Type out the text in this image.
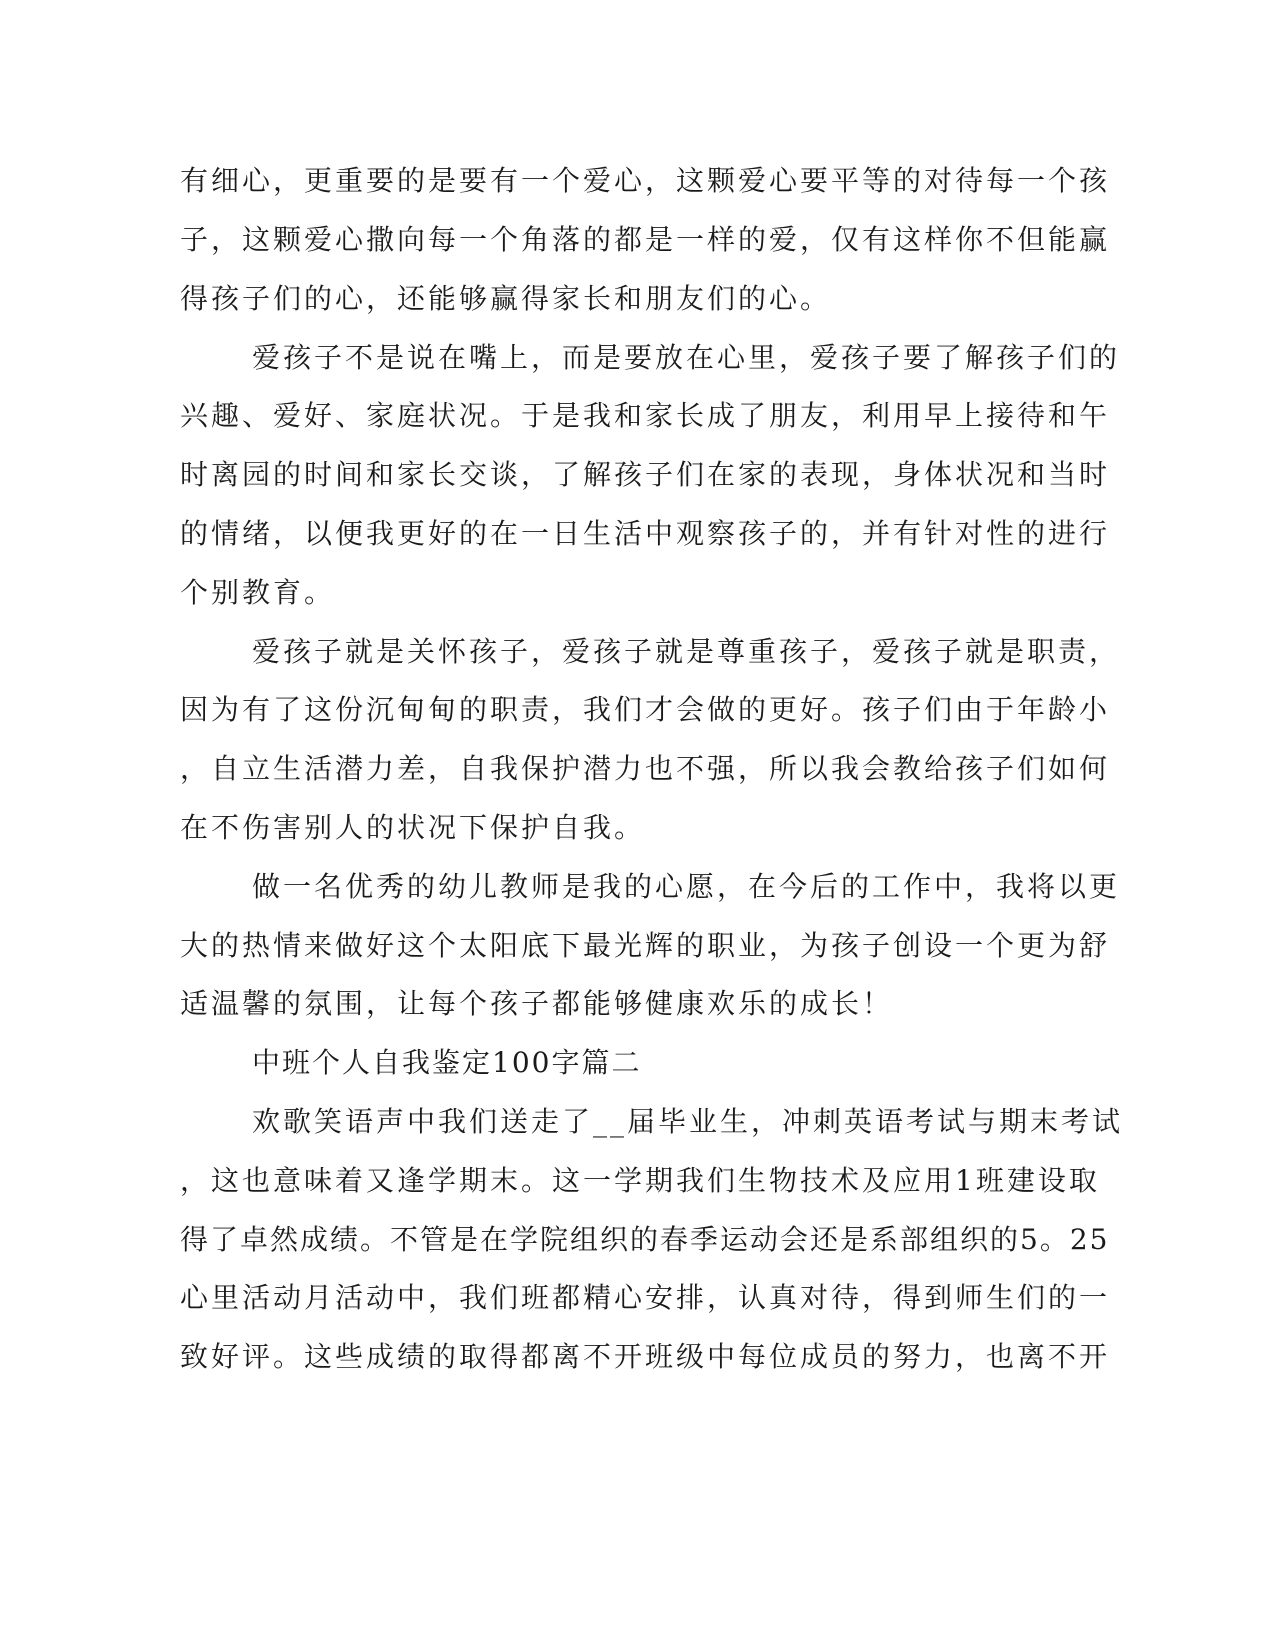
有细心，更重要的是要有一个爱心，这颗爱心要平等的对待每一个孩
子，这颗爱心撒向每一个角落的都是一样的爱，仅有这样你不但能赢
得孩子们的心，还能够赢得家长和朋友们的心。
爱孩子不是说在嘴上，而是要放在心里，爱孩子要了解孩子们的
兴趣、爱好、家庭状况。于是我和家长成了朋友，利用早上接待和午
时离园的时间和家长交谈，了解孩子们在家的表现，身体状况和当时
的情绪，以便我更好的在一日生活中观察孩子的，并有针对性的进行
个别教育。
爱孩子就是关怀孩子，爱孩子就是尊重孩子，爱孩子就是职责，
因为有了这份沉甸甸的职责，我们才会做的更好。孩子们由于年龄小
，自立生活潜力差，自我保护潜力也不强，所以我会教给孩子们如何
在不伤害别人的状况下保护自我。
做一名优秀的幼儿教师是我的心愿，在今后的工作中，我将以更
大的热情来做好这个太阳底下最光辉的职业，为孩子创设一个更为舒
适温馨的氛围，让每个孩子都能够健康欢乐的成长！
中班个人自我鉴定100字篇二
欢歌笑语声中我们送走了__届毕业生，冲刺英语考试与期末考试
，这也意味着又逢学期末。这一学期我们生物技术及应用1班建设取
得了卓然成绩。不管是在学院组织的春季运动会还是系部组织的5。25
心里活动月活动中，我们班都精心安排，认真对待，得到师生们的一
致好评。这些成绩的取得都离不开班级中每位成员的努力，也离不开
